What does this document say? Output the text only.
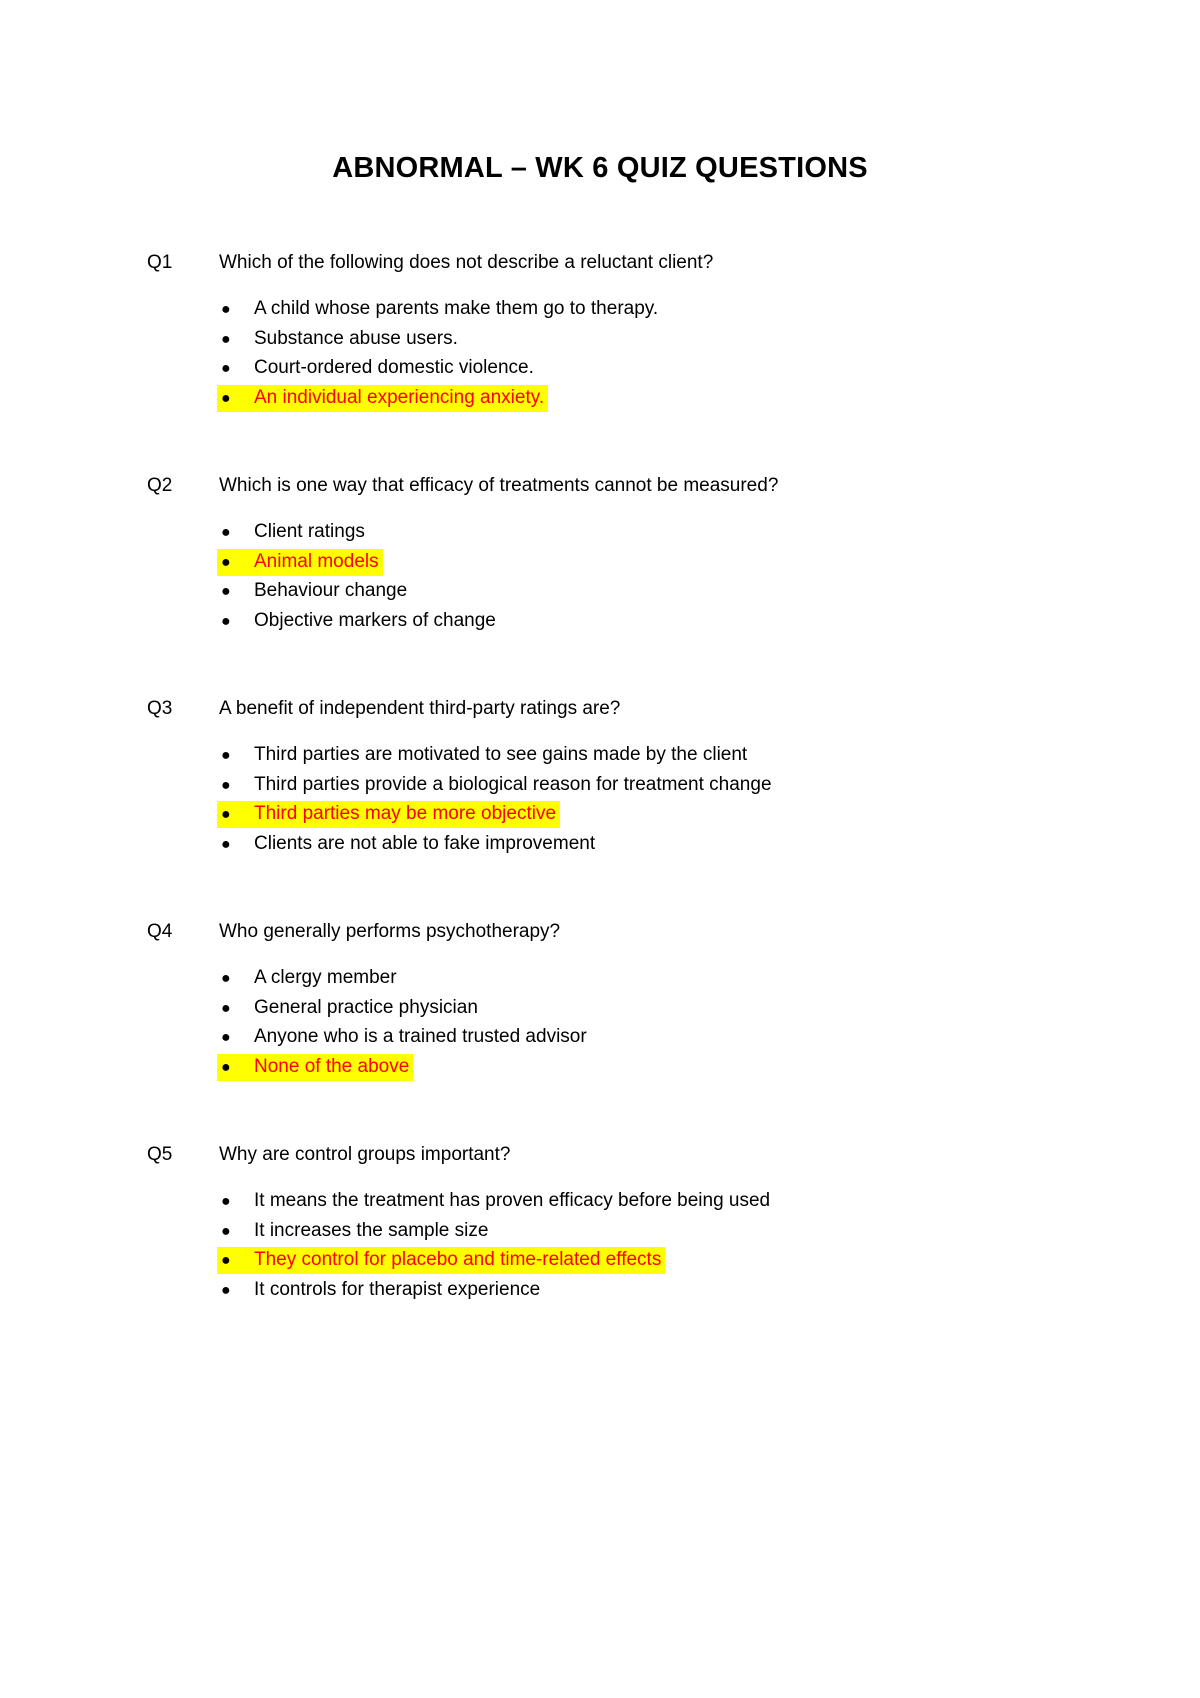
ABNORMAL – WK 6 QUIZ QUESTIONS
Q1 Which of the following does not describe a reluctant client?
● A child whose parents make them go to therapy.
● Substance abuse users.
● Court-ordered domestic violence.
● An individual experiencing anxiety.
Q2 Which is one way that efficacy of treatments cannot be measured?
● Client ratings
● Animal models
● Behaviour change
● Objective markers of change
Q3 A benefit of independent third-party ratings are?
● Third parties are motivated to see gains made by the client
● Third parties provide a biological reason for treatment change
● Third parties may be more objective
● Clients are not able to fake improvement
Q4 Who generally performs psychotherapy?
● A clergy member
● General practice physician
● Anyone who is a trained trusted advisor
● None of the above
Q5 Why are control groups important?
● It means the treatment has proven efficacy before being used
● It increases the sample size
● They control for placebo and time-related effects
● It controls for therapist experience
